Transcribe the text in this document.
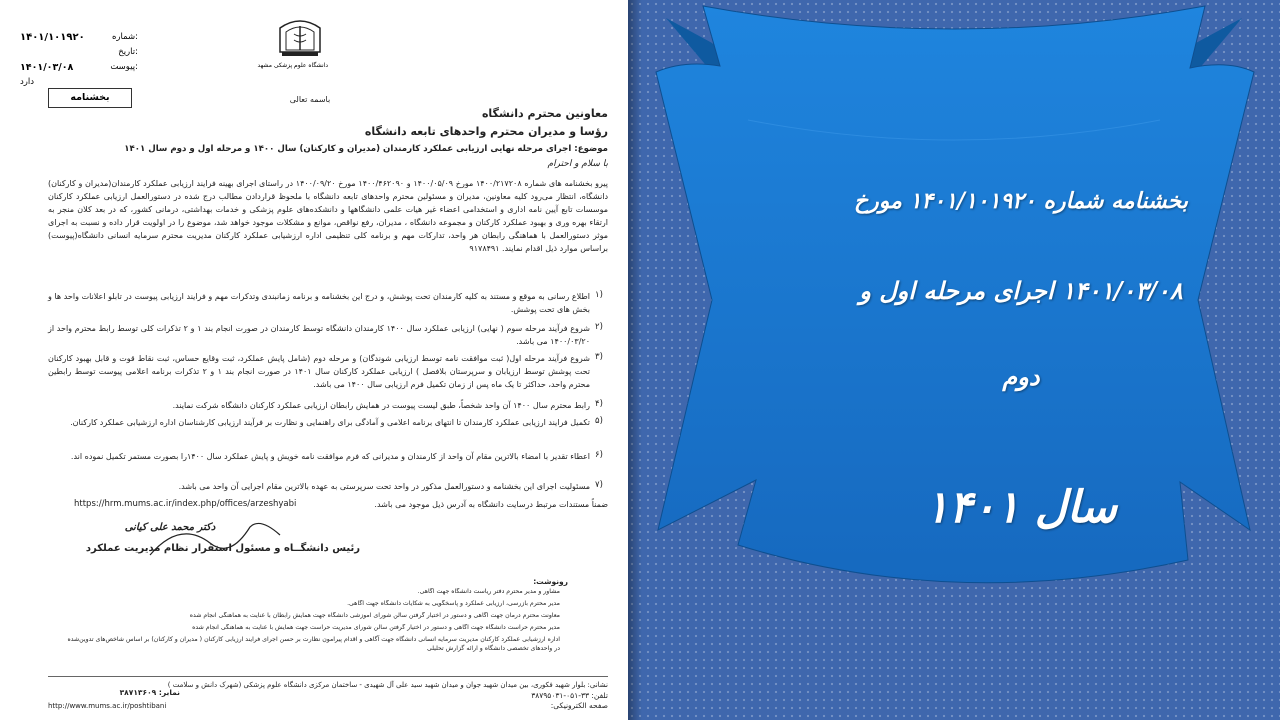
۱۴۰۱/۱۰۱۹۲۰	شماره:
تاریخ:
۱۴۰۱/۰۳/۰۸	پیوست:
دارد
دانشگاه علوم پزشکی مشهد
بخشنامه	باسمه تعالی
معاونین محترم دانشگاه
رؤسا و مدیران محترم واحدهای تابعه دانشگاه
موضوع: اجرای مرحله نهایی ارزیابی عملکرد کارمندان (مدیران و کارکنان) سال ۱۴۰۰ و مرحله اول و دوم سال ۱۴۰۱
با سلام و احترام
پیرو بخشنامه های شماره ۱۴۰۰/۲۱۷۲۰۸ مورخ ۱۴۰۰/۰۵/۰۹ و ۱۴۰۰/۴۶۲۰۹۰ مورخ ۱۴۰۰/۰۹/۲۰ در راستای اجرای بهینه فرایند ارزیابی عملکرد کارمندان(مدیران و کارکنان) دانشگاه، انتظار می‌رود کلیه معاونین، مدیران و مسئولین محترم واحدهای تابعه دانشگاه با ملحوظ قراردادن مطالب درج شده در دستورالعمل ارزیابی عملکرد کارکنان موسسات تابع آیین نامه اداری و استخدامی اعضاء غیر هیات علمی دانشگاهها و دانشکده‌های علوم پزشکی و خدمات بهداشتی، درمانی کشور، که در بعد کلان منجر به ارتقاء بهره وری و بهبود عملکرد کارکنان و مجموعه دانشگاه ، مدیران، رفع نواقص، موانع و مشکلات موجود خواهد شد، موضوع را در اولویت قرار داده و نسبت به اجرای موثر دستورالعمل با هماهنگی رابطان هر واحد، تدارکات مهم و برنامه کلی تنظیمی اداره ارزشیابی عملکرد کارکنان مدیریت محترم سرمایه انسانی دانشگاه(پیوست) براساس موارد ذیل اقدام نمایند. ۹۱۷۸۴۹۱
۱)
اطلاع رسانی به موقع و مستند به کلیه کارمندان تحت پوشش، و درج این بخشنامه و برنامه زمانبندی وتدکرات مهم و فرایند ارزیابی پیوست در تابلو اعلانات واحد ها و بخش های تحت پوشش.
۲)
شروع فرآیند مرحله سوم ( نهایی) ارزیابی عملکرد سال ۱۴۰۰ کارمندان دانشگاه توسط کارمندان در صورت انجام بند ۱ و ۲ تذکرات کلی توسط رابط محترم واحد از ۱۴۰۰/۰۳/۲۰ می باشد.
۳)
شروع فرآیند مرحله اول( ثبت موافقت نامه توسط ارزیابی شوندگان) و مرحله دوم (شامل پایش عملکرد، ثبت وقایع حساس، ثبت نقاط قوت و قابل بهبود کارکنان تحت پوشش توسط ارزیابان و سرپرستان بلافصل ) ارزیابی عملکرد کارکنان سال ۱۴۰۱ در صورت انجام بند ۱ و ۲ تذکرات برنامه اعلامی پیوست توسط رابطین محترم واحد، حداکثر تا یک ماه پس از زمان تکمیل فرم ارزیابی سال ۱۴۰۰ می باشد.
۴)
رابط محترم سال ۱۴۰۰ آن واحد شخصاً، طبق لیست پیوست در همایش رابطان ارزیابی عملکرد کارکنان دانشگاه شرکت نمایند.
۵)
تکمیل فرایند ارزیابی عملکرد کارمندان تا انتهای برنامه اعلامی و آمادگی برای راهنمایی و نظارت بر فرآیند ارزیابی کارشناسان اداره ارزشیابی عملکرد کارکنان.
۶)
اعطاء تقدیر با امضاء بالاترین مقام آن واحد از کارمندان و مدیرانی که فرم موافقت نامه خویش و پایش عملکرد سال ۱۴۰۰را بصورت مستمر تکمیل نموده اند.
۷)
مسئولیت اجرای این بخشنامه و دستورالعمل مذکور در واحد تحت سرپرستی به عهده بالاترین مقام اجرایی آن واحد می باشد.
ضمناً مستندات مرتبط درسایت دانشگاه به آدرس ذیل موجود می باشد.
https://hrm.mums.ac.ir/index.php/offices/arzeshyabi
دکتر محمد علی کیانی
رئیس دانشگــاه و مسئول استقرار نظام مدیریت عملکرد
رونوشت:
مشاور و مدیر محترم دفتر ریاست دانشگاه جهت آگاهی.
مدیر محترم بازرسی، ارزیابی عملکرد و پاسخگویی به شکایات دانشگاه جهت آگاهی.
معاونت محترم درمان جهت آگاهی و دستور در اختیار گرفتن سالن شورای آموزشی دانشگاه جهت همایش رابطان با عنایت به هماهنگی انجام شده
مدیر محترم حراست دانشگاه جهت آگاهی و دستور در اختیار گرفتن سالن شورای مدیریت حراست جهت همایش با عنایت به هماهنگی انجام شده
اداره ارزشیابی عملکرد کارکنان مدیریت سرمایه انسانی دانشگاه جهت آگاهی و اقدام پیرامون نظارت بر حسن اجرای فرایند ارزیابی کارکنان ( مدیران و کارکنان) بر اساس شاخص‌های تدوین‌شده در واحدهای تخصصی دانشگاه و ارائه گزارش تحلیلی
نشانی: بلوار شهید فکوری، بین میدان شهید جوان و میدان شهید سید علی آل شهیدی - ساختمان مرکزی دانشگاه علوم پزشکی (شهرک دانش و سلامت )
تلفن: ۳۳-۰۵۱-۳۸۷۹۵۰۳۱
صفحه الکترونیکی:
نمابر: ۳۸۷۱۳۶۰۹
http://www.mums.ac.ir/poshtibani
بخشنامه شماره ۱۴۰۱/۱۰۱۹۲۰ مورخ
۱۴۰۱/۰۳/۰۸ اجرای مرحله اول و
دوم
سال ۱۴۰۱
